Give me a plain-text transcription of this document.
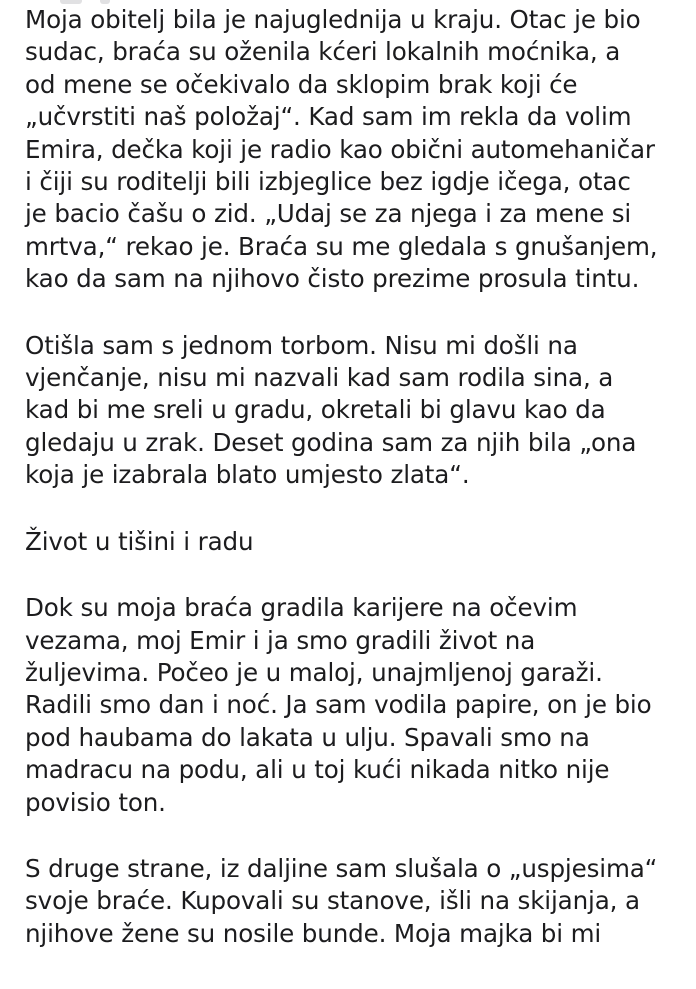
Moja obitelj bila je najuglednija u kraju. Otac je bio
sudac, braća su oženila kćeri lokalnih moćnika, a
od mene se očekivalo da sklopim brak koji će
„učvrstiti naš položaj“. Kad sam im rekla da volim
Emira, dečka koji je radio kao obični automehaničar
i čiji su roditelji bili izbjeglice bez igdje ičega, otac
je bacio čašu o zid. „Udaj se za njega i za mene si
mrtva,“ rekao je. Braća su me gledala s gnušanjem,
kao da sam na njihovo čisto prezime prosula tintu.
Otišla sam s jednom torbom. Nisu mi došli na
vjenčanje, nisu mi nazvali kad sam rodila sina, a
kad bi me sreli u gradu, okretali bi glavu kao da
gledaju u zrak. Deset godina sam za njih bila „ona
koja je izabrala blato umjesto zlata“.
Život u tišini i radu
Dok su moja braća gradila karijere na očevim
vezama, moj Emir i ja smo gradili život na
žuljevima. Počeo je u maloj, unajmljenoj garaži.
Radili smo dan i noć. Ja sam vodila papire, on je bio
pod haubama do lakata u ulju. Spavali smo na
madracu na podu, ali u toj kući nikada nitko nije
povisio ton.
S druge strane, iz daljine sam slušala o „uspjesima“
svoje braće. Kupovali su stanove, išli na skijanja, a
njihove žene su nosile bunde. Moja majka bi mi
